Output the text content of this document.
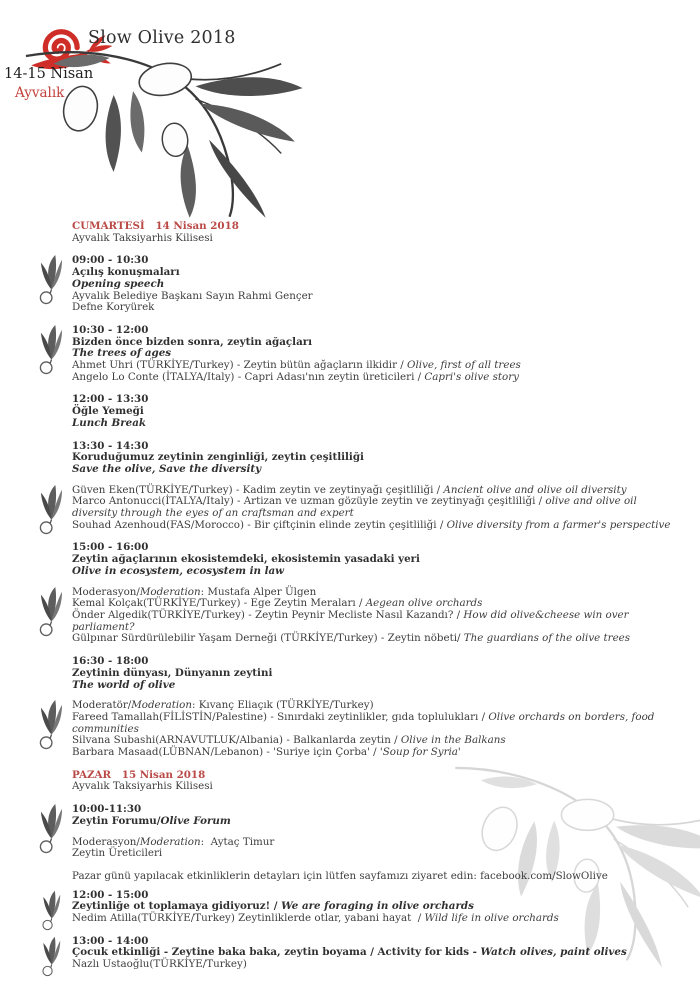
Slow Olive 2018
14-15 Nisan
Ayvalık
CUMARTESİ   14 Nisan 2018
Ayvalık Taksiyarhis Kilisesi
09:00 - 10:30
Açılış konuşmaları
Opening speech
Ayvalık Belediye Başkanı Sayın Rahmi Gençer
Defne Koryürek
10:30 - 12:00
Bizden önce bizden sonra, zeytin ağaçları
The trees of ages
Ahmet Uhri (TÜRKİYE/Turkey) - Zeytin bütün ağaçların ilkidir / Olive, first of all trees
Angelo Lo Conte (İTALYA/Italy) - Capri Adası'nın zeytin üreticileri / Capri's olive story
12:00 - 13:30
Öğle Yemeği
Lunch Break
13:30 - 14:30
Koruduğumuz zeytinin zenginliği, zeytin çeşitliliği
Save the olive, Save the diversity
Güven Eken(TÜRKİYE/Turkey) - Kadim zeytin ve zeytinyağı çeşitliliği / Ancient olive and olive oil diversity
Marco Antonucci(İTALYA/Italy) - Artizan ve uzman gözüyle zeytin ve zeytinyağı çeşitliliği / olive and olive oil diversity through the eyes of an craftsman and expert
Souhad Azenhoud(FAS/Morocco) - Bir çiftçinin elinde zeytin çeşitliliği / Olive diversity from a farmer's perspective
15:00 - 16:00
Zeytin ağaçlarının ekosistemdeki, ekosistemin yasadaki yeri
Olive in ecosystem, ecosystem in law
Moderasyon/Moderation: Mustafa Alper Ülgen
Kemal Kolçak(TÜRKİYE/Turkey) - Ege Zeytin Meraları / Aegean olive orchards
Önder Algedik(TÜRKİYE/Turkey) - Zeytin Peynir Mecliste Nasıl Kazandı? / How did olive&cheese win over parliament?
Gülpınar Sürdürülebilir Yaşam Derneği (TÜRKİYE/Turkey) - Zeytin nöbeti/ The guardians of the olive trees
16:30 - 18:00
Zeytinin dünyası, Dünyanın zeytini
The world of olive
Moderatör/Moderation: Kıvanç Eliaçık (TÜRKİYE/Turkey)
Fareed Tamallah(FİLİSTİN/Palestine) - Sınırdaki zeytinlikler, gıda toplulukları / Olive orchards on borders, food communities
Silvana Subashi(ARNAVUTLUK/Albania) - Balkanlarda zeytin / Olive in the Balkans
Barbara Masaad(LÜBNAN/Lebanon) - 'Suriye için Çorba' / 'Soup for Syria'
PAZAR   15 Nisan 2018
Ayvalık Taksiyarhis Kilisesi
10:00-11:30
Zeytin Forumu/Olive Forum
Moderasyon/Moderation:  Aytaç Timur
Zeytin Üreticileri
Pazar günü yapılacak etkinliklerin detayları için lütfen sayfamızı ziyaret edin: facebook.com/SlowOlive
12:00 - 15:00
Zeytinliğe ot toplamaya gidiyoruz! / We are foraging in olive orchards
Nedim Atilla(TÜRKİYE/Turkey) Zeytinliklerde otlar, yabani hayat  / Wild life in olive orchards
13:00 - 14:00
Çocuk etkinliği - Zeytine baka baka, zeytin boyama / Activity for kids - Watch olives, paint olives
Nazlı Ustaoğlu(TÜRKİYE/Turkey)
